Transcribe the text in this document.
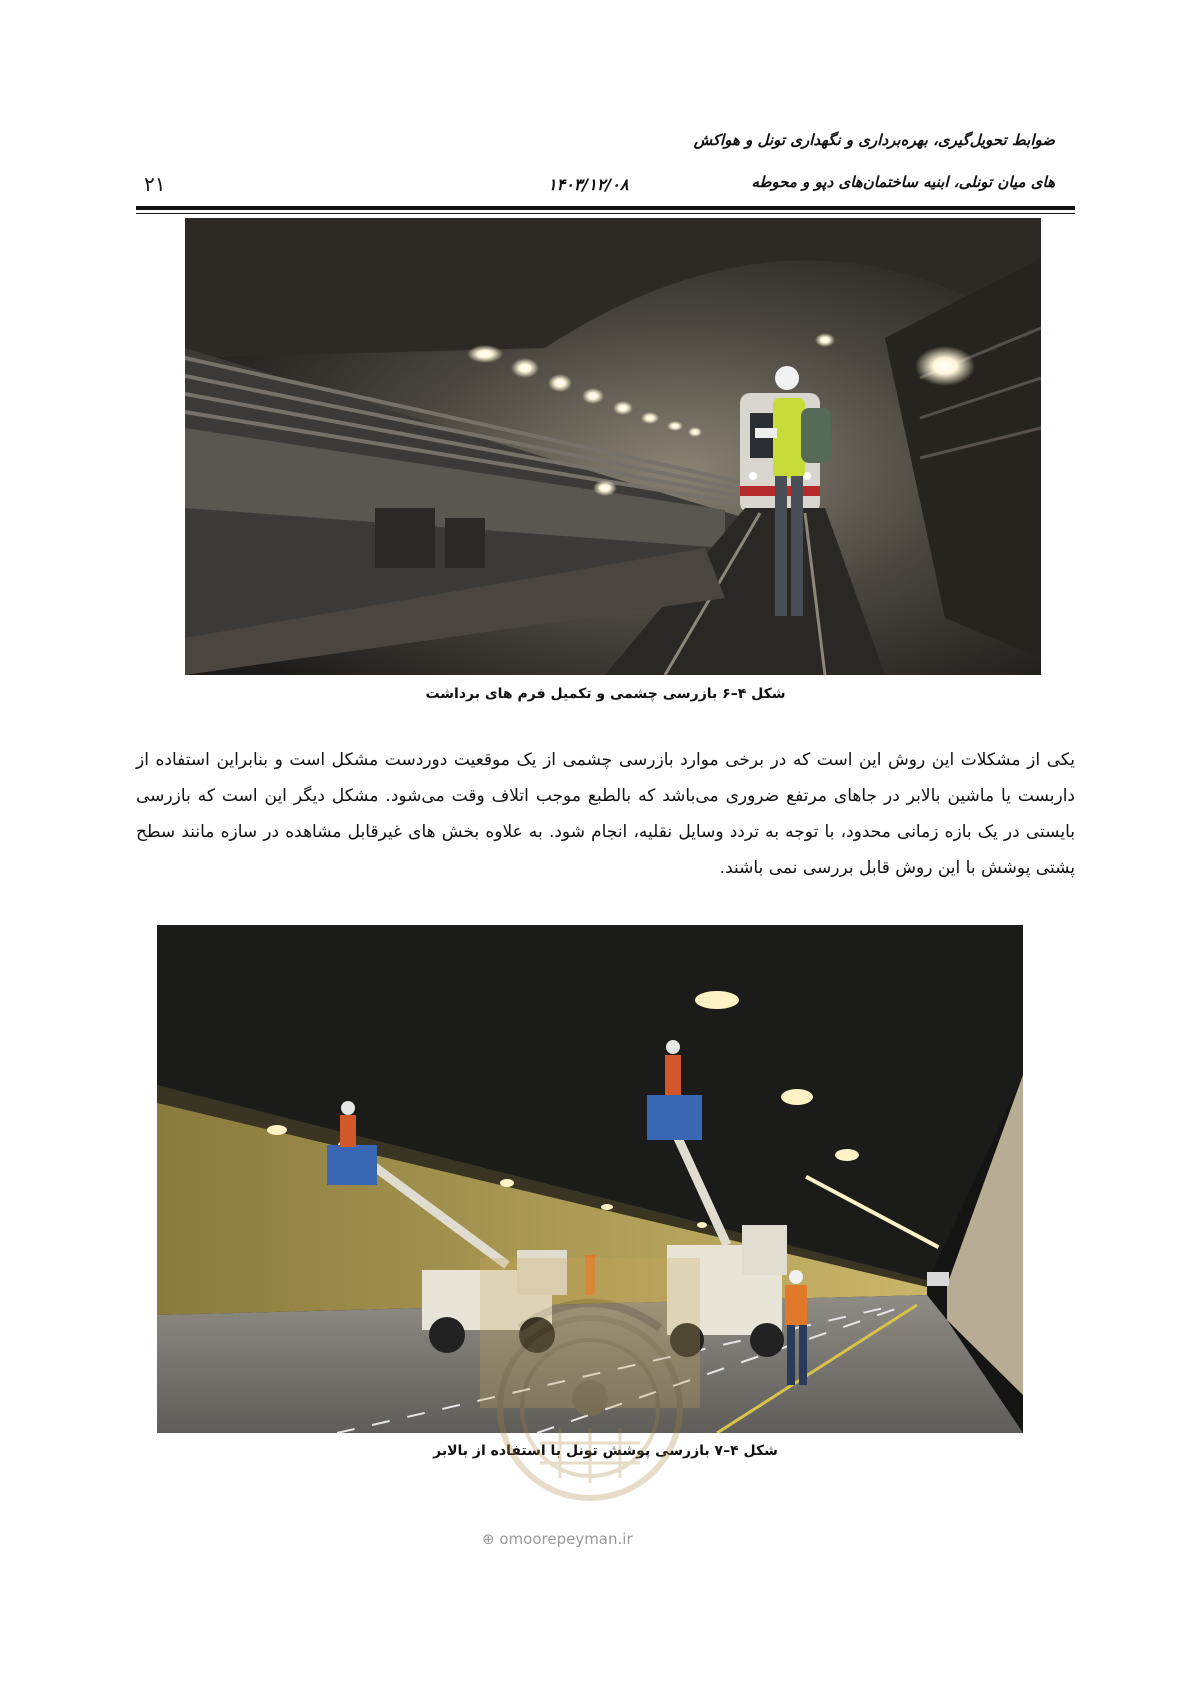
ضوابط تحویل‌گیری، بهره‌برداری و نگهداری تونل و هواکش
های میان تونلی، ابنیه ساختمان‌های دپو و محوطه
۱۴۰۳/۱۲/۰۸
۲۱
شکل ۴–۶ بازرسی چشمی و تکمیل فرم های برداشت
یکی از مشکلات این روش این است که در برخی موارد بازرسی چشمی از یک موقعیت دوردست مشکل است و بنابراین استفاده از داربست یا ماشین بالابر در جاهای مرتفع ضروری می‌باشد که بالطبع موجب اتلاف وقت می‌شود. مشکل دیگر این است که بازرسی بایستی در یک بازه زمانی محدود، با توجه به تردد وسایل نقلیه، انجام شود. به علاوه بخش های غیرقابل مشاهده در سازه مانند سطح پشتی پوشش با این روش قابل بررسی نمی باشند.
شکل ۴–۷ بازرسی پوشش تونل با استفاده از بالابر
⊕ omoorepeyman.ir
